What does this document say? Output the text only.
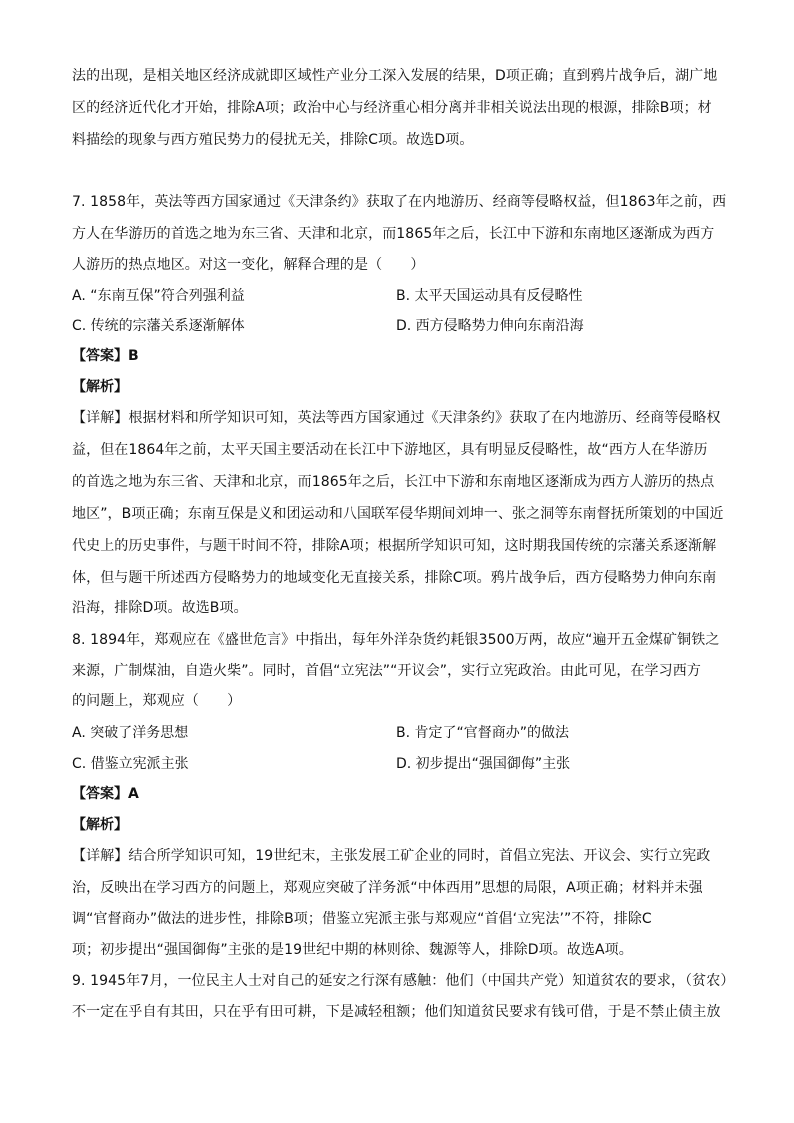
法的出现，是相关地区经济成就即区域性产业分工深入发展的结果，D项正确；直到鸦片战争后，湖广地
区的经济近代化才开始，排除A项；政治中心与经济重心相分离并非相关说法出现的根源，排除B项；材
料描绘的现象与西方殖民势力的侵扰无关，排除C项。故选D项。
7. 1858年，英法等西方国家通过《天津条约》获取了在内地游历、经商等侵略权益，但1863年之前，西
方人在华游历的首选之地为东三省、天津和北京，而1865年之后，长江中下游和东南地区逐渐成为西方
人游历的热点地区。对这一变化，解释合理的是（　　）
A. “东南互保”符合列强利益	B. 太平天国运动具有反侵略性
C. 传统的宗藩关系逐渐解体	D. 西方侵略势力伸向东南沿海
【答案】B
【解析】
【详解】根据材料和所学知识可知，英法等西方国家通过《天津条约》获取了在内地游历、经商等侵略权
益，但在1864年之前，太平天国主要活动在长江中下游地区，具有明显反侵略性，故“西方人在华游历
的首选之地为东三省、天津和北京，而1865年之后，长江中下游和东南地区逐渐成为西方人游历的热点
地区”，B项正确；东南互保是义和团运动和八国联军侵华期间刘坤一、张之洞等东南督抚所策划的中国近
代史上的历史事件，与题干时间不符，排除A项；根据所学知识可知，这时期我国传统的宗藩关系逐渐解
体，但与题干所述西方侵略势力的地域变化无直接关系，排除C项。鸦片战争后，西方侵略势力伸向东南
沿海，排除D项。故选B项。
8. 1894年，郑观应在《盛世危言》中指出，每年外洋杂货约耗银3500万两，故应“遍开五金煤矿铜铁之
来源，广制煤油，自造火柴”。同时，首倡“立宪法”“开议会”，实行立宪政治。由此可见，在学习西方
的问题上，郑观应（　　）
A. 突破了洋务思想	B. 肯定了“官督商办”的做法
C. 借鉴立宪派主张	D. 初步提出“强国御侮”主张
【答案】A
【解析】
【详解】结合所学知识可知，19世纪末，主张发展工矿企业的同时，首倡立宪法、开议会、实行立宪政
治，反映出在学习西方的问题上，郑观应突破了洋务派“中体西用”思想的局限，A项正确；材料并未强
调“官督商办”做法的进步性，排除B项；借鉴立宪派主张与郑观应“首倡‘立宪法’”不符，排除C
项；初步提出“强国御侮”主张的是19世纪中期的林则徐、魏源等人，排除D项。故选A项。
9. 1945年7月，一位民主人士对自己的延安之行深有感触：他们（中国共产党）知道贫农的要求，（贫农）
不一定在乎自有其田，只在乎有田可耕，下是减轻租额；他们知道贫民要求有钱可借，于是不禁止债主放
